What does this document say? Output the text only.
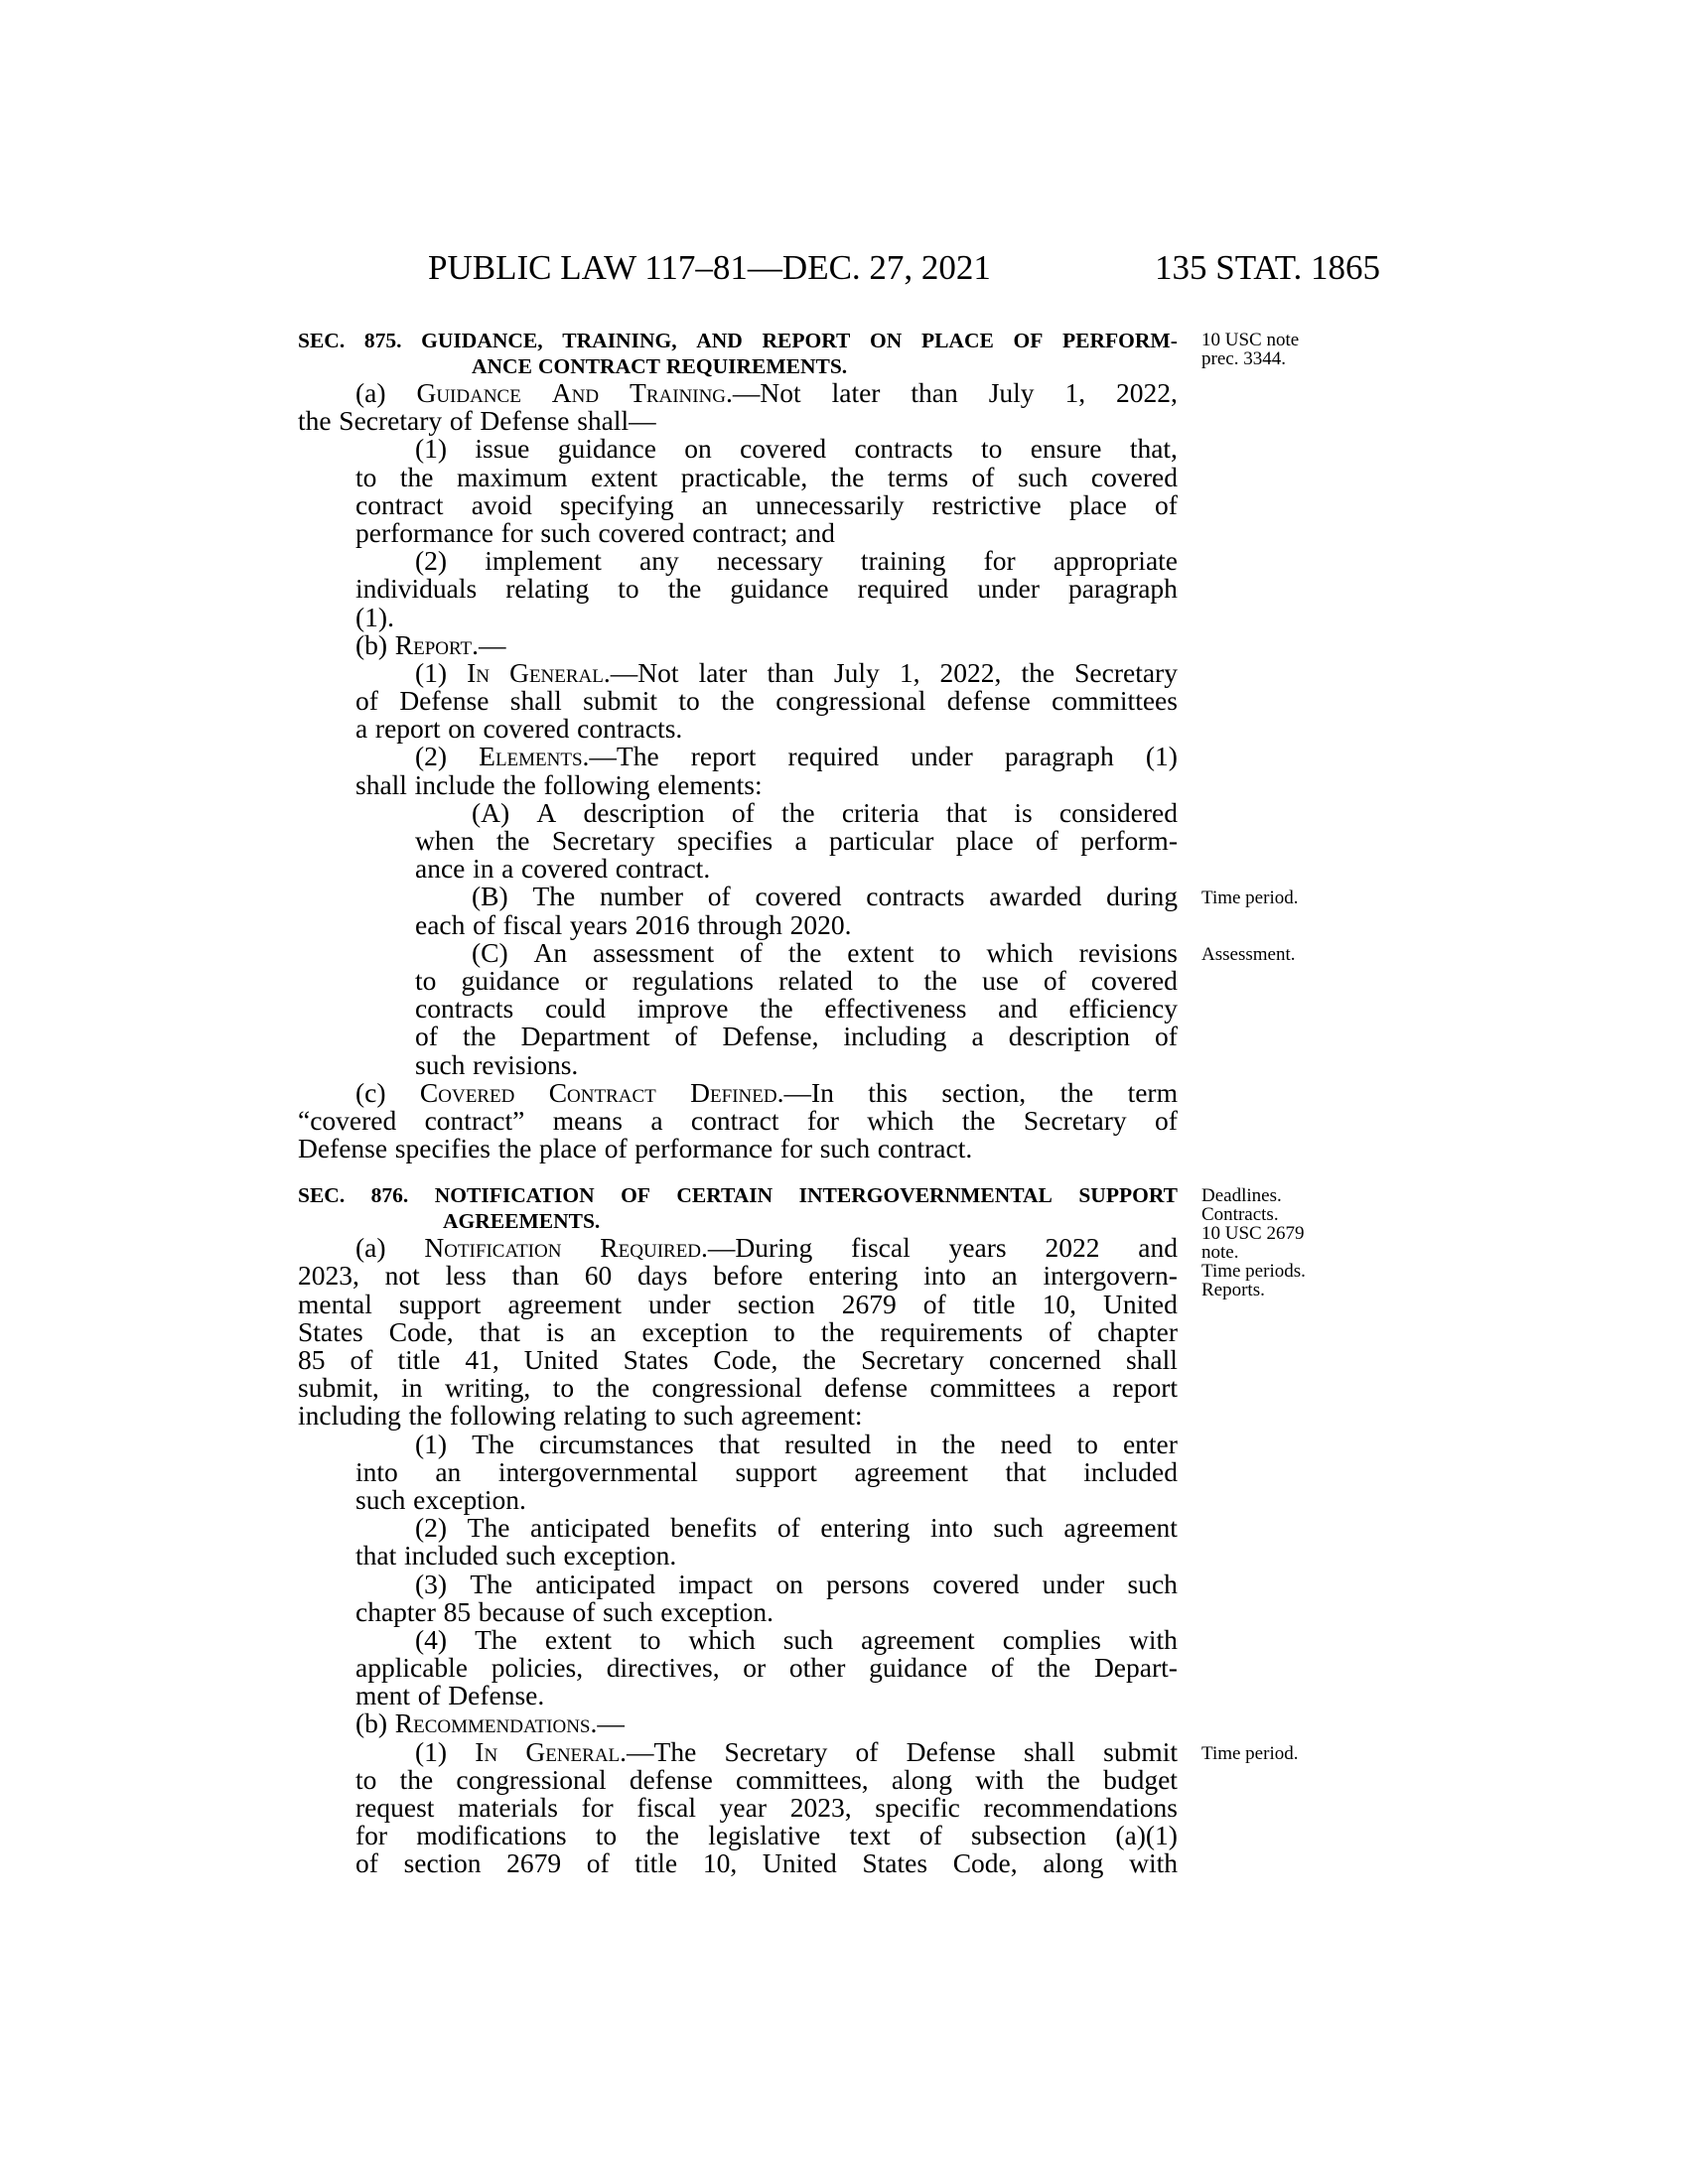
PUBLIC LAW 117–81—DEC. 27, 2021	135 STAT. 1865
SEC. 875. GUIDANCE, TRAINING, AND REPORT ON PLACE OF PERFORM-
ANCE CONTRACT REQUIREMENTS.
(a) Guidance And Training.—Not later than July 1, 2022,
the Secretary of Defense shall—
(1) issue guidance on covered contracts to ensure that,
to the maximum extent practicable, the terms of such covered
contract avoid specifying an unnecessarily restrictive place of
performance for such covered contract; and
(2) implement any necessary training for appropriate
individuals relating to the guidance required under paragraph
(1).
(b) Report.—
(1) In General.—Not later than July 1, 2022, the Secretary
of Defense shall submit to the congressional defense committees
a report on covered contracts.
(2) Elements.—The report required under paragraph (1)
shall include the following elements:
(A) A description of the criteria that is considered
when the Secretary specifies a particular place of perform-
ance in a covered contract.
(B) The number of covered contracts awarded during
each of fiscal years 2016 through 2020.
(C) An assessment of the extent to which revisions
to guidance or regulations related to the use of covered
contracts could improve the effectiveness and efficiency
of the Department of Defense, including a description of
such revisions.
(c) Covered Contract Defined.—In this section, the term
“covered contract” means a contract for which the Secretary of
Defense specifies the place of performance for such contract.
SEC. 876. NOTIFICATION OF CERTAIN INTERGOVERNMENTAL SUPPORT
AGREEMENTS.
(a) Notification Required.—During fiscal years 2022 and
2023, not less than 60 days before entering into an intergovern-
mental support agreement under section 2679 of title 10, United
States Code, that is an exception to the requirements of chapter
85 of title 41, United States Code, the Secretary concerned shall
submit, in writing, to the congressional defense committees a report
including the following relating to such agreement:
(1) The circumstances that resulted in the need to enter
into an intergovernmental support agreement that included
such exception.
(2) The anticipated benefits of entering into such agreement
that included such exception.
(3) The anticipated impact on persons covered under such
chapter 85 because of such exception.
(4) The extent to which such agreement complies with
applicable policies, directives, or other guidance of the Depart-
ment of Defense.
(b) Recommendations.—
(1) In General.—The Secretary of Defense shall submit
to the congressional defense committees, along with the budget
request materials for fiscal year 2023, specific recommendations
for modifications to the legislative text of subsection (a)(1)
of section 2679 of title 10, United States Code, along with
10 USC note
prec. 3344.
Deadlines.
Contracts.
10 USC 2679
note.
Time periods.
Reports.
Time period.
Assessment.
Time period.
